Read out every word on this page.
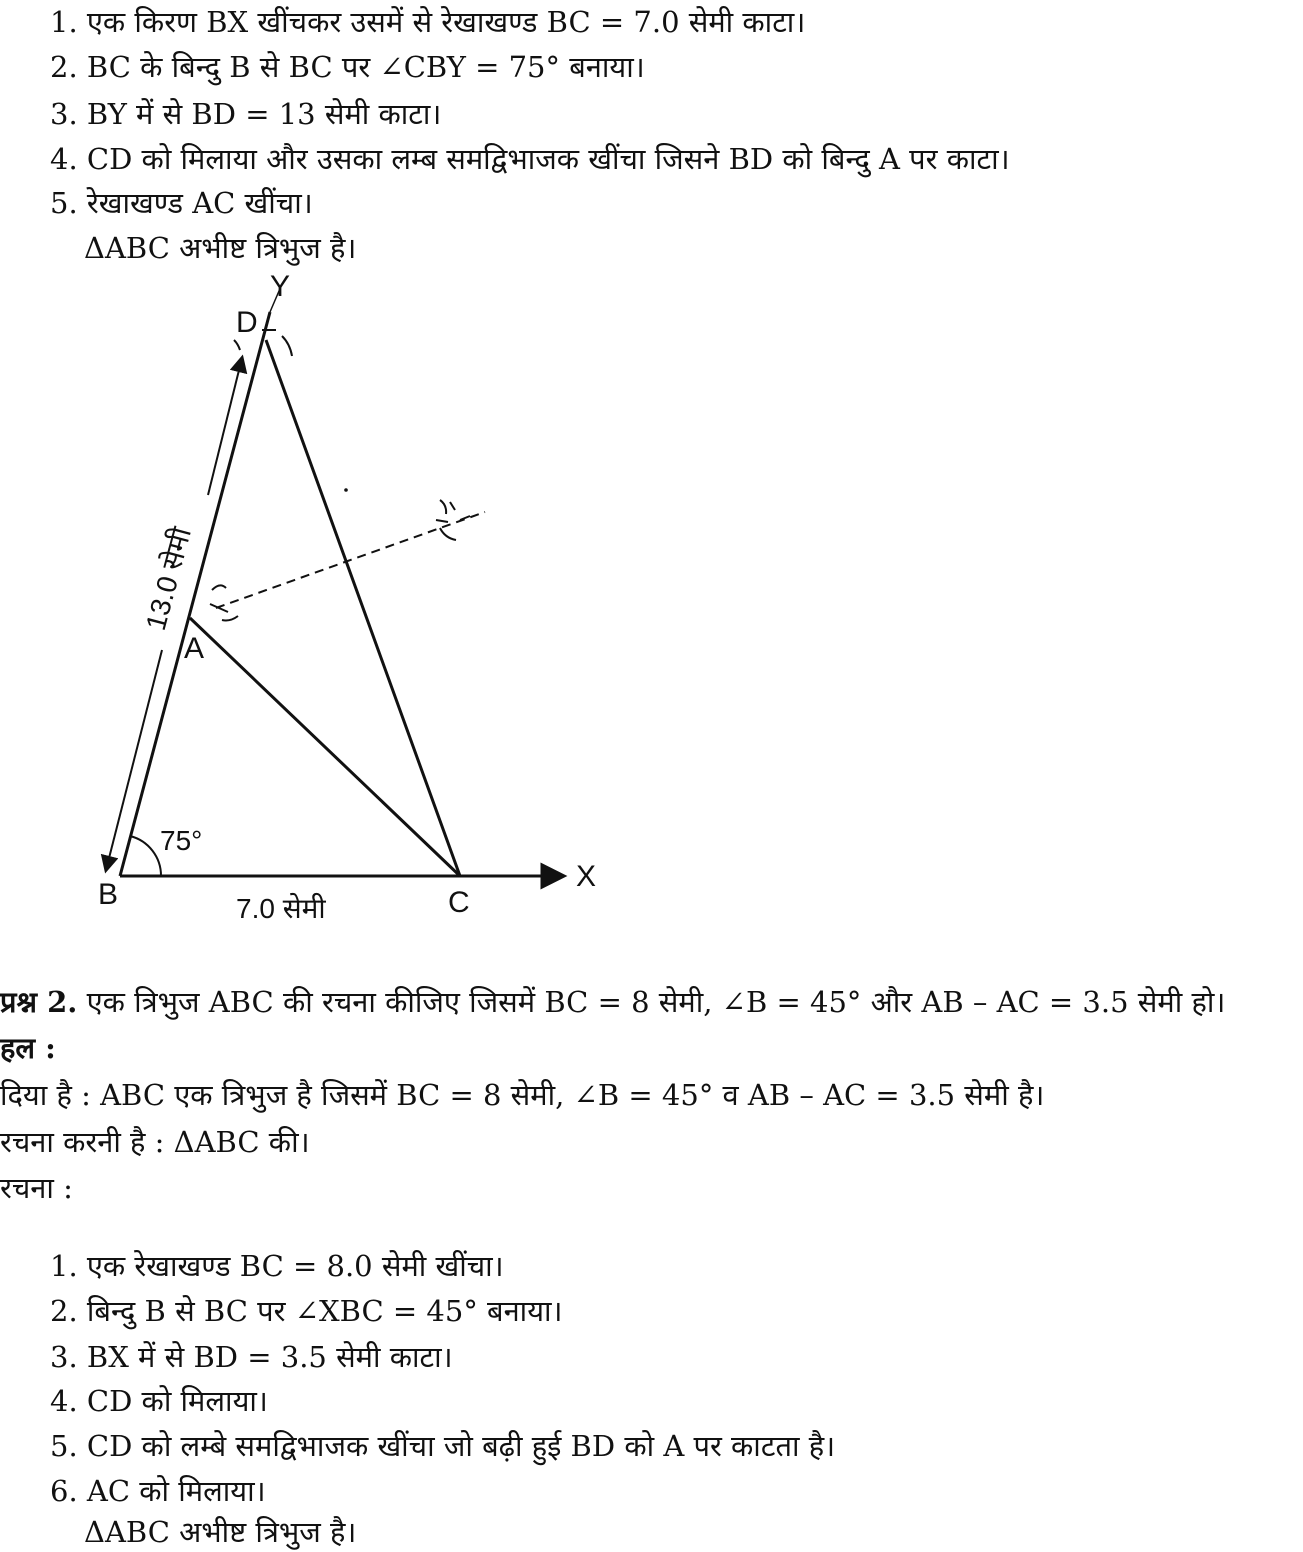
1. एक किरण BX खींचकर उसमें से रेखाखण्ड BC = 7.0 सेमी काटा।
2. BC के बिन्दु B से BC पर ∠CBY = 75° बनाया।
3. BY में से BD = 13 सेमी काटा।
4. CD को मिलाया और उसका लम्ब समद्विभाजक खींचा जिसने BD को बिन्दु A पर काटा।
5. रेखाखण्ड AC खींचा।
ΔABC अभीष्ट त्रिभुज है।
Y
D
A
B	C
X
75°
7.0 सेमी
13.0 सेमी
प्रश्न 2. एक त्रिभुज ABC की रचना कीजिए जिसमें BC = 8 सेमी, ∠B = 45° और AB – AC = 3.5 सेमी हो।
हल :
दिया है : ABC एक त्रिभुज है जिसमें BC = 8 सेमी, ∠B = 45° व AB – AC = 3.5 सेमी है।
रचना करनी है : ΔABC की।
रचना :
1. एक रेखाखण्ड BC = 8.0 सेमी खींचा।
2. बिन्दु B से BC पर ∠XBC = 45° बनाया।
3. BX में से BD = 3.5 सेमी काटा।
4. CD को मिलाया।
5. CD को लम्बे समद्विभाजक खींचा जो बढ़ी हुई BD को A पर काटता है।
6. AC को मिलाया।
ΔABC अभीष्ट त्रिभुज है।
